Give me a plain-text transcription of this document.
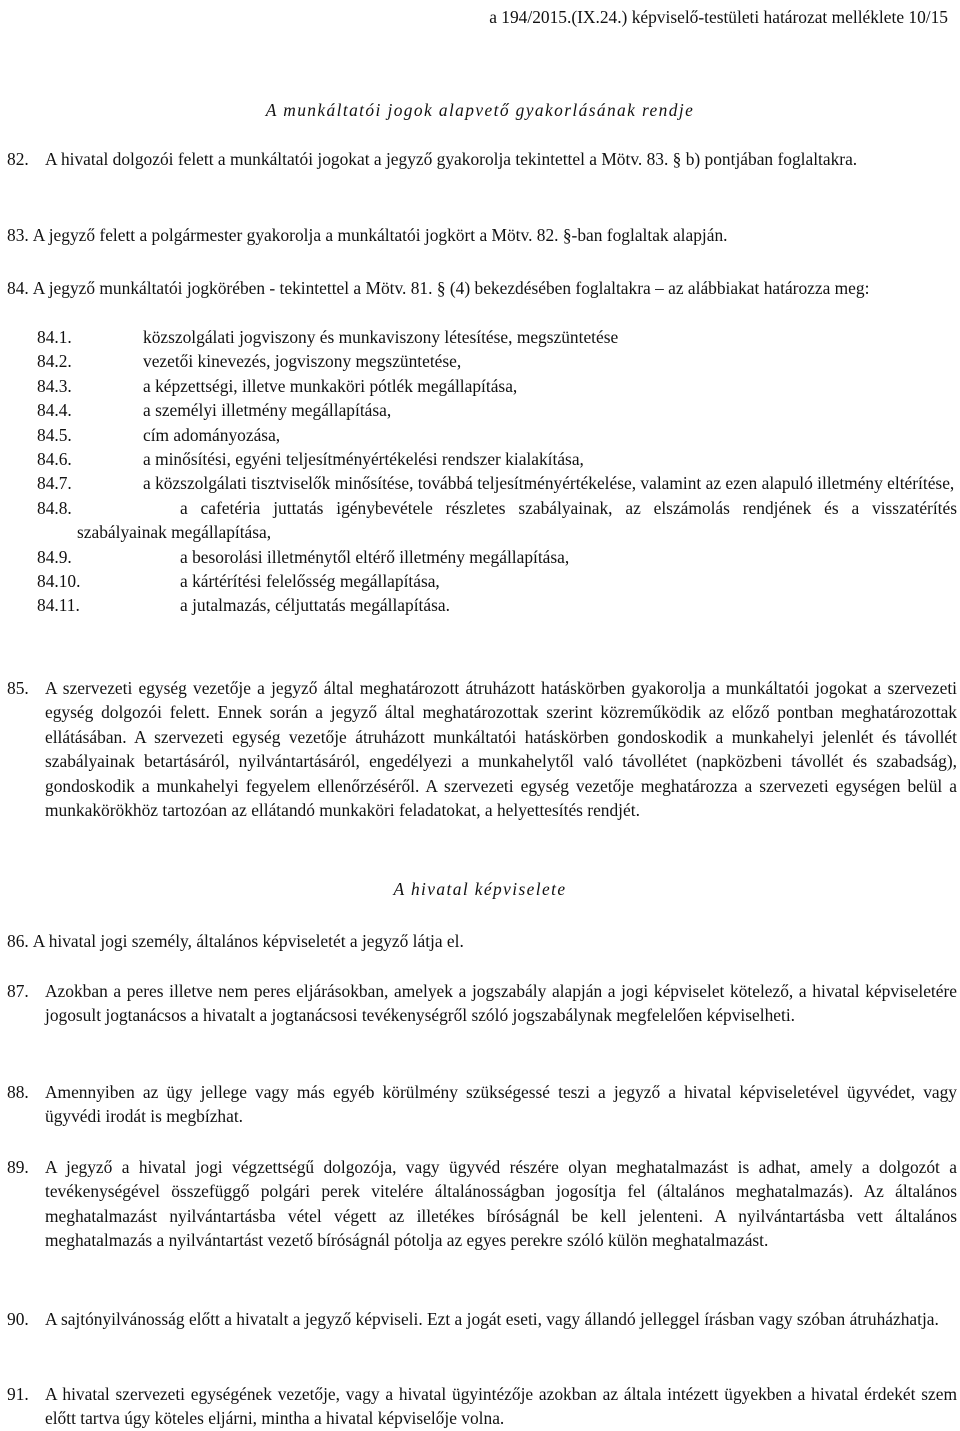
a 194/2015.(IX.24.) képviselő-testületi határozat melléklete 10/15
A munkáltatói jogok alapvető gyakorlásának rendje
82. A hivatal dolgozói felett a munkáltatói jogokat a jegyző gyakorolja tekintettel a Mötv. 83. § b) pontjában foglaltakra.
83. A jegyző felett a polgármester gyakorolja a munkáltatói jogkört a Mötv. 82. §-ban foglaltak alapján.
84. A jegyző munkáltatói jogkörében - tekintettel a Mötv. 81. § (4) bekezdésében foglaltakra – az alábbiakat határozza meg:
84.1.	közszolgálati jogviszony és munkaviszony létesítése, megszüntetése
84.2.	vezetői kinevezés, jogviszony megszüntetése,
84.3.	a képzettségi, illetve munkaköri pótlék megállapítása,
84.4.	a személyi illetmény megállapítása,
84.5.	cím adományozása,
84.6.	a minősítési, egyéni teljesítményértékelési rendszer kialakítása,
84.7.	a közszolgálati tisztviselők minősítése, továbbá teljesítményértékelése, valamint az ezen alapuló illetmény eltérítése,
84.8.	a cafetéria juttatás igénybevétele részletes szabályainak, az elszámolás rendjének és a visszatérítés szabályainak megállapítása,
84.9.	a besorolási illetménytől eltérő illetmény megállapítása,
84.10.	a kártérítési felelősség megállapítása,
84.11.	a jutalmazás, céljuttatás megállapítása.
85. A szervezeti egység vezetője a jegyző által meghatározott átruházott hatáskörben gyakorolja a munkáltatói jogokat a szervezeti egység dolgozói felett. Ennek során a jegyző által meghatározottak szerint közreműködik az előző pontban meghatározottak ellátásában. A szervezeti egység vezetője átruházott munkáltatói hatáskörben gondoskodik a munkahelyi jelenlét és távollét szabályainak betartásáról, nyilvántartásáról, engedélyezi a munkahelytől való távollétet (napközbeni távollét és szabadság), gondoskodik a munkahelyi fegyelem ellenőrzéséről. A szervezeti egység vezetője meghatározza a szervezeti egységen belül a munkakörökhöz tartozóan az ellátandó munkaköri feladatokat, a helyettesítés rendjét.
A hivatal képviselete
86. A hivatal jogi személy, általános képviseletét a jegyző látja el.
87. Azokban a peres illetve nem peres eljárásokban, amelyek a jogszabály alapján a jogi képviselet kötelező, a hivatal képviseletére jogosult jogtanácsos a hivatalt a jogtanácsosi tevékenységről szóló jogszabálynak megfelelően képviselheti.
88. Amennyiben az ügy jellege vagy más egyéb körülmény szükségessé teszi a jegyző a hivatal képviseletével ügyvédet, vagy ügyvédi irodát is megbízhat.
89. A jegyző a hivatal jogi végzettségű dolgozója, vagy ügyvéd részére olyan meghatalmazást is adhat, amely a dolgozót a tevékenységével összefüggő polgári perek vitelére általánosságban jogosítja fel (általános meghatalmazás). Az általános meghatalmazást nyilvántartásba vétel végett az illetékes bíróságnál be kell jelenteni. A nyilvántartásba vett általános meghatalmazás a nyilvántartást vezető bíróságnál pótolja az egyes perekre szóló külön meghatalmazást.
90. A sajtónyilvánosság előtt a hivatalt a jegyző képviseli. Ezt a jogát eseti, vagy állandó jelleggel írásban vagy szóban átruházhatja.
91. A hivatal szervezeti egységének vezetője, vagy a hivatal ügyintézője azokban az általa intézett ügyekben a hivatal érdekét szem előtt tartva úgy köteles eljárni, mintha a hivatal képviselője volna.
